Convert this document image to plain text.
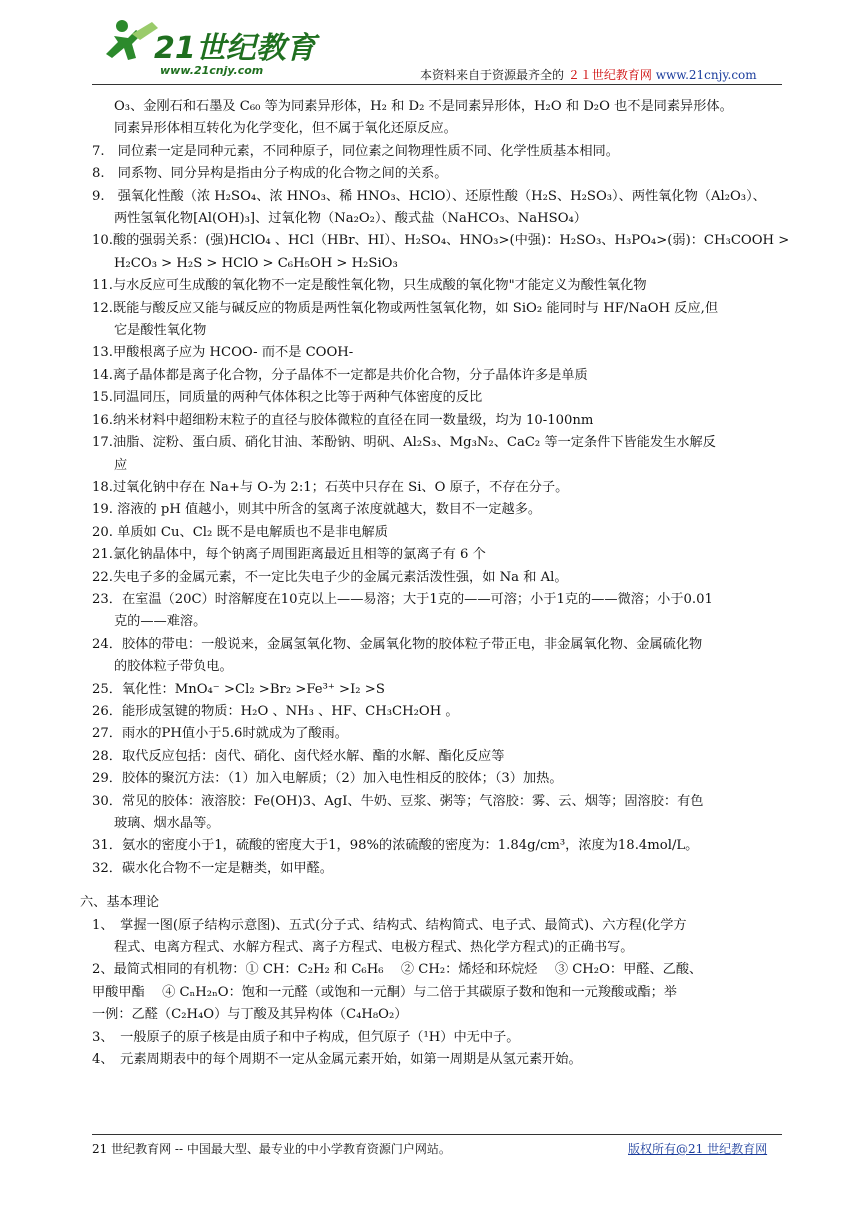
21世纪教育
www.21cnjy.com	本资料来自于资源最齐全的 ２１世纪教育网 www.21cnjy.com

O₃、金刚石和石墨及 C₆₀ 等为同素异形体，H₂ 和 D₂ 不是同素异形体，H₂O 和 D₂O 也不是同素异形体。

同素异形体相互转化为化学变化，但不属于氧化还原反应。

7.　同位素一定是同种元素，不同种原子，同位素之间物理性质不同、化学性质基本相同。

8.　同系物、同分异构是指由分子构成的化合物之间的关系。

9.　强氧化性酸（浓 H₂SO₄、浓 HNO₃、稀 HNO₃、HClO）、还原性酸（H₂S、H₂SO₃）、两性氧化物（Al₂O₃）、

两性氢氧化物[Al(OH)₃]、过氧化物（Na₂O₂）、酸式盐（NaHCO₃、NaHSO₄）

10.酸的强弱关系：(强)HClO₄ 、HCl（HBr、HI）、H₂SO₄、HNO₃>(中强)：H₂SO₃、H₃PO₄>(弱)：CH₃COOH >

H₂CO₃ > H₂S > HClO > C₆H₅OH > H₂SiO₃

11.与水反应可生成酸的氧化物不一定是酸性氧化物，只生成酸的氧化物"才能定义为酸性氧化物

12.既能与酸反应又能与碱反应的物质是两性氧化物或两性氢氧化物，如 SiO₂ 能同时与 HF/NaOH 反应,但

它是酸性氧化物

13.甲酸根离子应为 HCOO- 而不是 COOH-

14.离子晶体都是离子化合物，分子晶体不一定都是共价化合物，分子晶体许多是单质

15.同温同压，同质量的两种气体体积之比等于两种气体密度的反比

16.纳米材料中超细粉末粒子的直径与胶体微粒的直径在同一数量级，均为 10-100nm

17.油脂、淀粉、蛋白质、硝化甘油、苯酚钠、明矾、Al₂S₃、Mg₃N₂、CaC₂ 等一定条件下皆能发生水解反

应

18.过氧化钠中存在 Na+与 O-为 2:1；石英中只存在 Si、O 原子，不存在分子。

19. 溶液的 pH 值越小，则其中所含的氢离子浓度就越大，数目不一定越多。

20. 单质如 Cu、Cl₂ 既不是电解质也不是非电解质

21.氯化钠晶体中，每个钠离子周围距离最近且相等的氯离子有 6 个

22.失电子多的金属元素，不一定比失电子少的金属元素活泼性强，如 Na 和 Al。

23．在室温（20C）时溶解度在10克以上——易溶；大于1克的——可溶；小于1克的——微溶；小于0.01

克的——难溶。

24．胶体的带电：一般说来，金属氢氧化物、金属氧化物的胶体粒子带正电，非金属氧化物、金属硫化物

的胶体粒子带负电。

25．氧化性：MnO₄⁻ >Cl₂ >Br₂ >Fe³⁺ >I₂ >S

26．能形成氢键的物质：H₂O 、NH₃ 、HF、CH₃CH₂OH 。

27．雨水的PH值小于5.6时就成为了酸雨。

28．取代反应包括：卤代、硝化、卤代烃水解、酯的水解、酯化反应等

29．胶体的聚沉方法：（1）加入电解质；（2）加入电性相反的胶体；（3）加热。

30．常见的胶体：液溶胶：Fe(OH)3、AgI、牛奶、豆浆、粥等；气溶胶：雾、云、烟等；固溶胶：有色

玻璃、烟水晶等。

31．氨水的密度小于1，硫酸的密度大于1，98%的浓硫酸的密度为：1.84g/cm³，浓度为18.4mol/L。

32．碳水化合物不一定是糖类，如甲醛。

六、基本理论

1、　掌握一图(原子结构示意图)、五式(分子式、结构式、结构简式、电子式、最简式)、六方程(化学方

程式、电离方程式、水解方程式、离子方程式、电极方程式、热化学方程式)的正确书写。

2、最简式相同的有机物：① CH：C₂H₂ 和 C₆H₆　 ② CH₂：烯烃和环烷烃　 ③ CH₂O：甲醛、乙酸、

甲酸甲酯　 ④ CₙH₂ₙO：饱和一元醛（或饱和一元酮）与二倍于其碳原子数和饱和一元羧酸或酯；举

一例：乙醛（C₂H₄O）与丁酸及其异构体（C₄H₈O₂）

3、　一般原子的原子核是由质子和中子构成，但氕原子（¹H）中无中子。

4、　元素周期表中的每个周期不一定从金属元素开始，如第一周期是从氢元素开始。

21 世纪教育网 -- 中国最大型、最专业的中小学教育资源门户网站。	版权所有@21 世纪教育网
